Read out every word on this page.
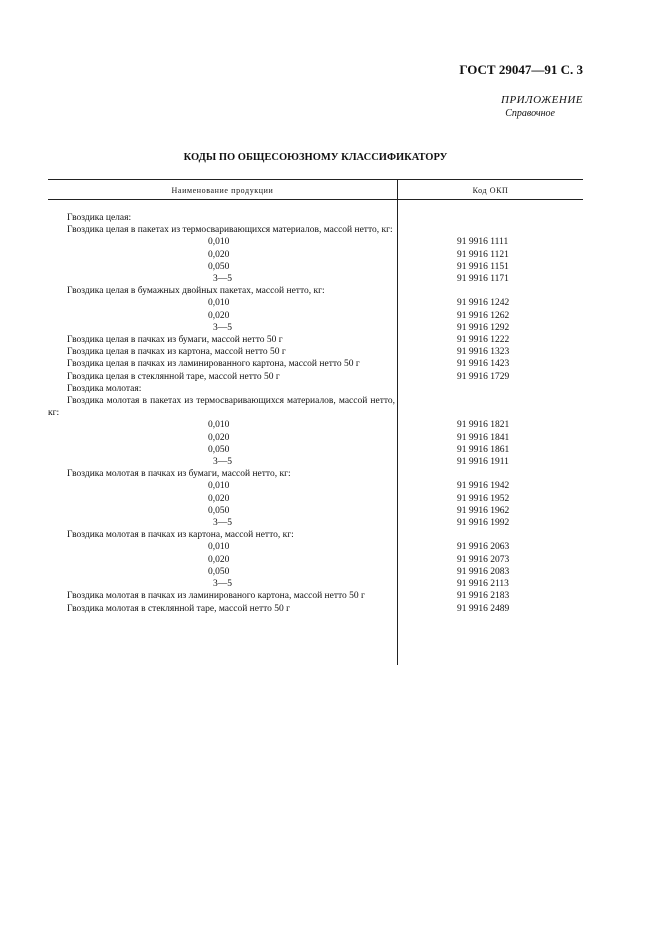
ГОСТ 29047—91 С. 3
ПРИЛОЖЕНИЕ
Справочное
КОДЫ ПО ОБЩЕСОЮЗНОМУ КЛАССИФИКАТОРУ
Наименование продукции	Код ОКП
Гвоздика целая:
Гвоздика целая в пакетах из термосваривающихся материалов, массой нетто, кг:
0,010	91 9916 1111
0,020	91 9916 1121
0,050	91 9916 1151
3—5	91 9916 1171
Гвоздика целая в бумажных двойных пакетах, массой нетто, кг:
0,010	91 9916 1242
0,020	91 9916 1262
3—5	91 9916 1292
Гвоздика целая в пачках из бумаги, массой нетто 50 г	91 9916 1222
Гвоздика целая в пачках из картона, массой нетто 50 г	91 9916 1323
Гвоздика целая в пачках из ламинированного картона, массой нетто 50 г	91 9916 1423
Гвоздика целая в стеклянной таре, массой нетто 50 г	91 9916 1729
Гвоздика молотая:
Гвоздика молотая в пакетах из термосваривающихся материалов, массой нетто, кг:
0,010	91 9916 1821
0,020	91 9916 1841
0,050	91 9916 1861
3—5	91 9916 1911
Гвоздика молотая в пачках из бумаги, массой нетто, кг:
0,010	91 9916 1942
0,020	91 9916 1952
0,050	91 9916 1962
3—5	91 9916 1992
Гвоздика молотая в пачках из картона, массой нетто, кг:
0,010	91 9916 2063
0,020	91 9916 2073
0,050	91 9916 2083
3—5	91 9916 2113
Гвоздика молотая в пачках из ламинированого картона, массой нетто 50 г	91 9916 2183
Гвоздика молотая в стеклянной таре, массой нетто 50 г	91 9916 2489
